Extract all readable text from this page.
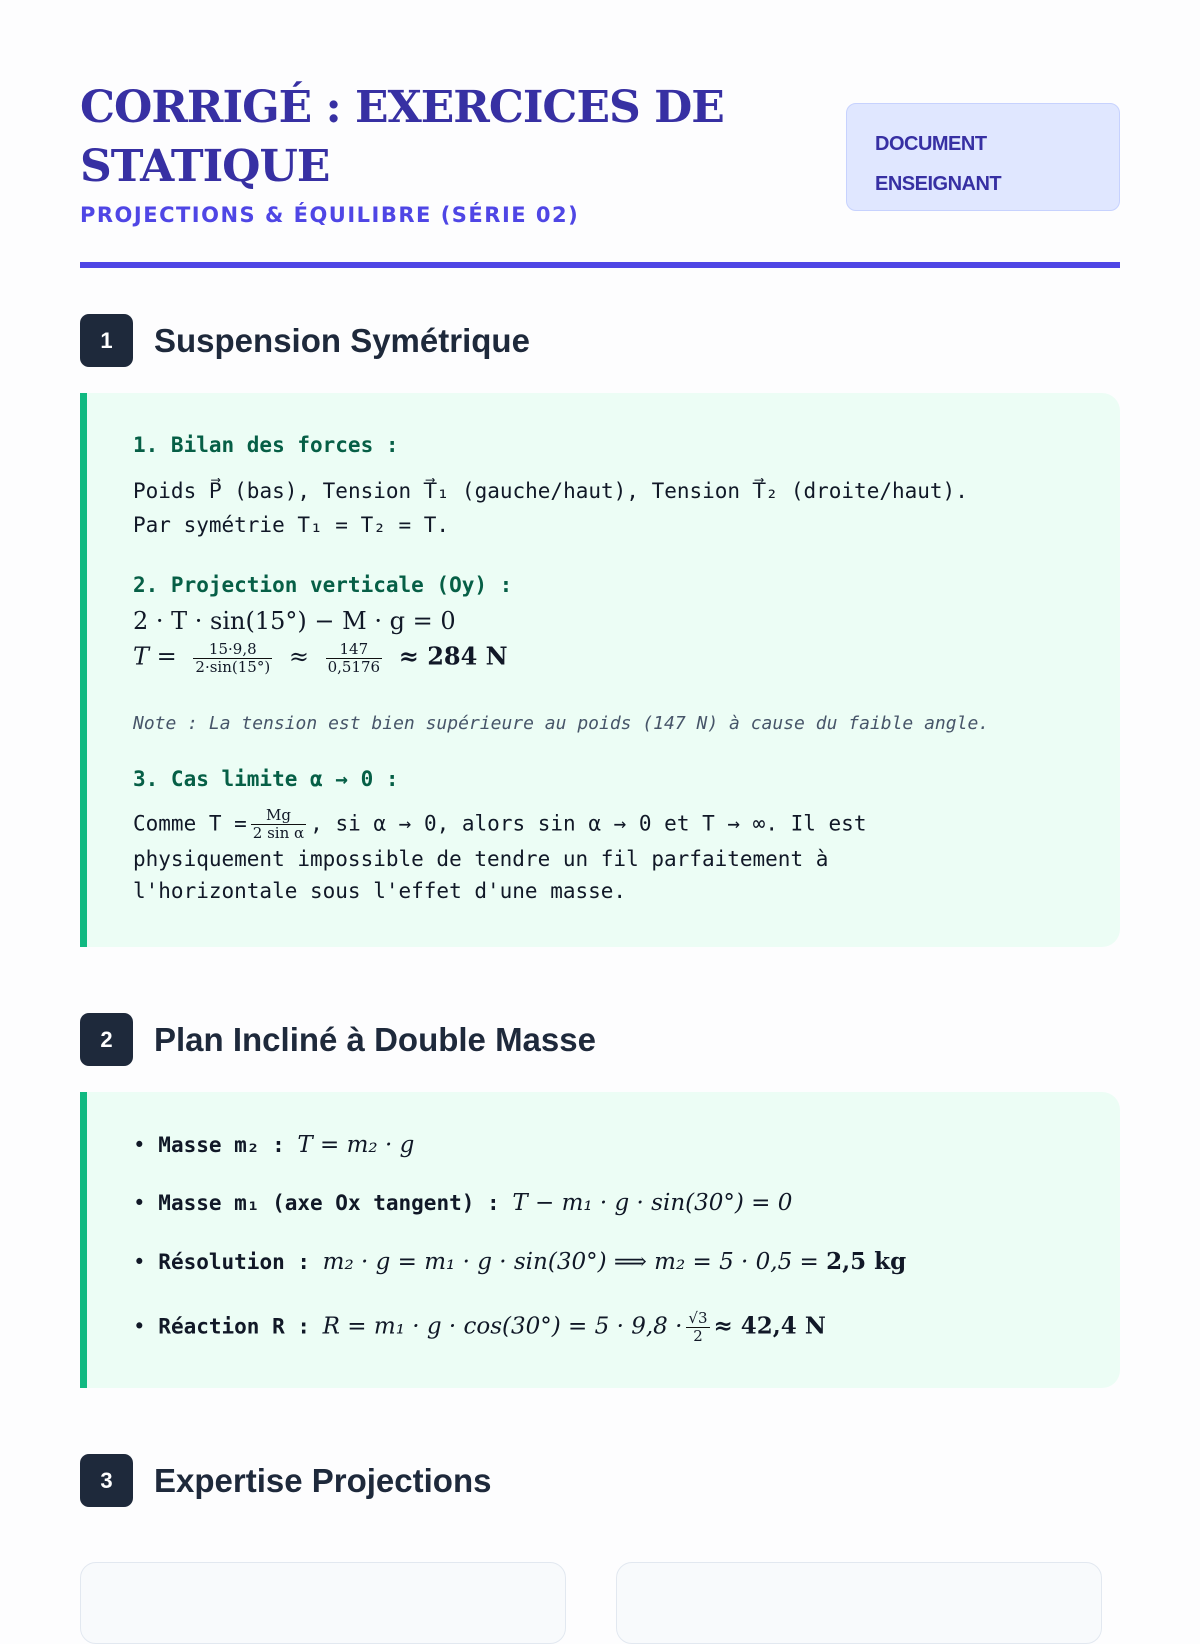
CORRIGÉ : EXERCICES DE STATIQUE
PROJECTIONS & ÉQUILIBRE (SÉRIE 02)
DOCUMENT
ENSEIGNANT
1	Suspension Symétrique
1. Bilan des forces :
Poids P⃗ (bas), Tension T⃗₁ (gauche/haut), Tension T⃗₂ (droite/haut).
Par symétrie T₁ = T₂ = T.
2. Projection verticale (Oy) :
2 · T · sin(15°) − M · g = 0
$T = \frac{15\cdot 9,8}{2\cdot\sin(15^\circ)} \approx \frac{147}{0,5176} \approx 284$ N
Note : La tension est bien supérieure au poids (147 N) à cause du faible angle.
3. Cas limite α → 0 :
Comme $T = \frac{Mg}{\text{2 sin α}}$ , si α → 0, alors sin α → 0 et T → ∞. Il est
physiquement impossible de tendre un fil parfaitement à
l'horizontale sous l'effet d'une masse.
2	Plan Incliné à Double Masse
• Masse m₂ : T = m₂ · g
• Masse m₁ (axe Ox tangent) : T − m₁ · g · sin(30°) = 0
• Résolution : m₂ · g = m₁ · g · sin(30°) ⟹ m₂ = 5 · 0,5 = 2,5 kg
• Réaction R : $R = m_1 \cdot g \cdot \cos(30^\circ) = 5 \cdot 9,8 \cdot \frac{√3}{2} \approx 42,4$ N
3	Expertise Projections
